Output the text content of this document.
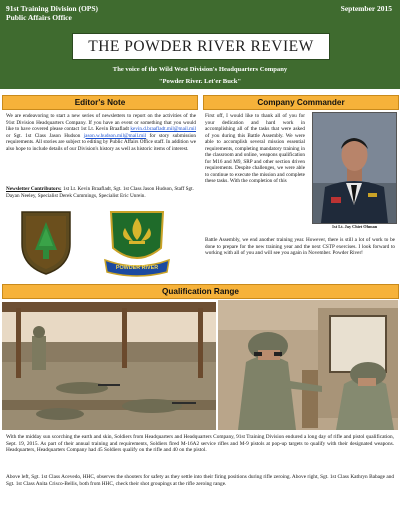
91st Training Division (OPS)
Public Affairs Office
September 2015
THE POWDER RIVER REVIEW
The voice of the Wild West Division's Headquarters Company
"Powder River. Let'er Buck"
Editor's Note
We are endeavoring to start a new series of newsletters to report on the activities of the 91st Division Headquarters Company. If you have an event or something that you would like to have covered please contact 1st Lt. Kevin Braafladt kevin.d.braafladt.mil@mail.mil or Sgt. 1st Class Jason Hudson jason.w.hudson.mil@mail.mil for story submission requirements. All stories are subject to editing by Public Affairs Office staff. In addition we also hope to include details of our Division's history as well as historic items of interest.
Newsletter Contributors: 1st Lt. Kevin Braafladt, Sgt. 1st Class Jason Hudson, Staff Sgt. Dayan Neeley, Specialist Derek Cummings, Specialist Eric Unrein.
POWDER RIVER
Company Commander
First off, I would like to thank all of you for your dedication and hard work in accomplishing all of the tasks that were asked of you during this Battle Assembly. We were able to accomplish several mission essential requirements, completing mandatory training in the classroom and online, weapons qualification for M16 and M9, SRP and other section driven requirements. Despite challenges, we were able to continue to execute the mission and complete these tasks. With the completion of this
Battle Assembly, we end another training year. However, there is still a lot of work to be done to prepare for the new training year and the next CSTP exercises. I look forward to working with all of you and will see you again in November. Powder River!
1st Lt. Jay Chiet Ohman
Qualification Range
With the midday sun scorching the earth and skin, Soldiers from Headquarters and Headquarters Company, 91st Training Division endured a long day of rifle and pistol qualification, Sept. 19, 2015. As part of their annual training and requirements, Soldiers fired M-16A2 service rifles and M-9 pistols at pop-up targets to qualify with their designated weapons. Headquarters, Headquarters Company had 45 Soldiers qualify on the rifle and 40 on the pistol.
Above left, Sgt. 1st Class Acevedo, HHC, observes the shooters for safety as they settle into their firing positions during rifle zeroing. Above right, Sgt. 1st Class Kathryn Babage and Sgt. 1st Class Anita Crisco-Bellis, both from HHC, check their shot groupings at the rifle zeroing range.
